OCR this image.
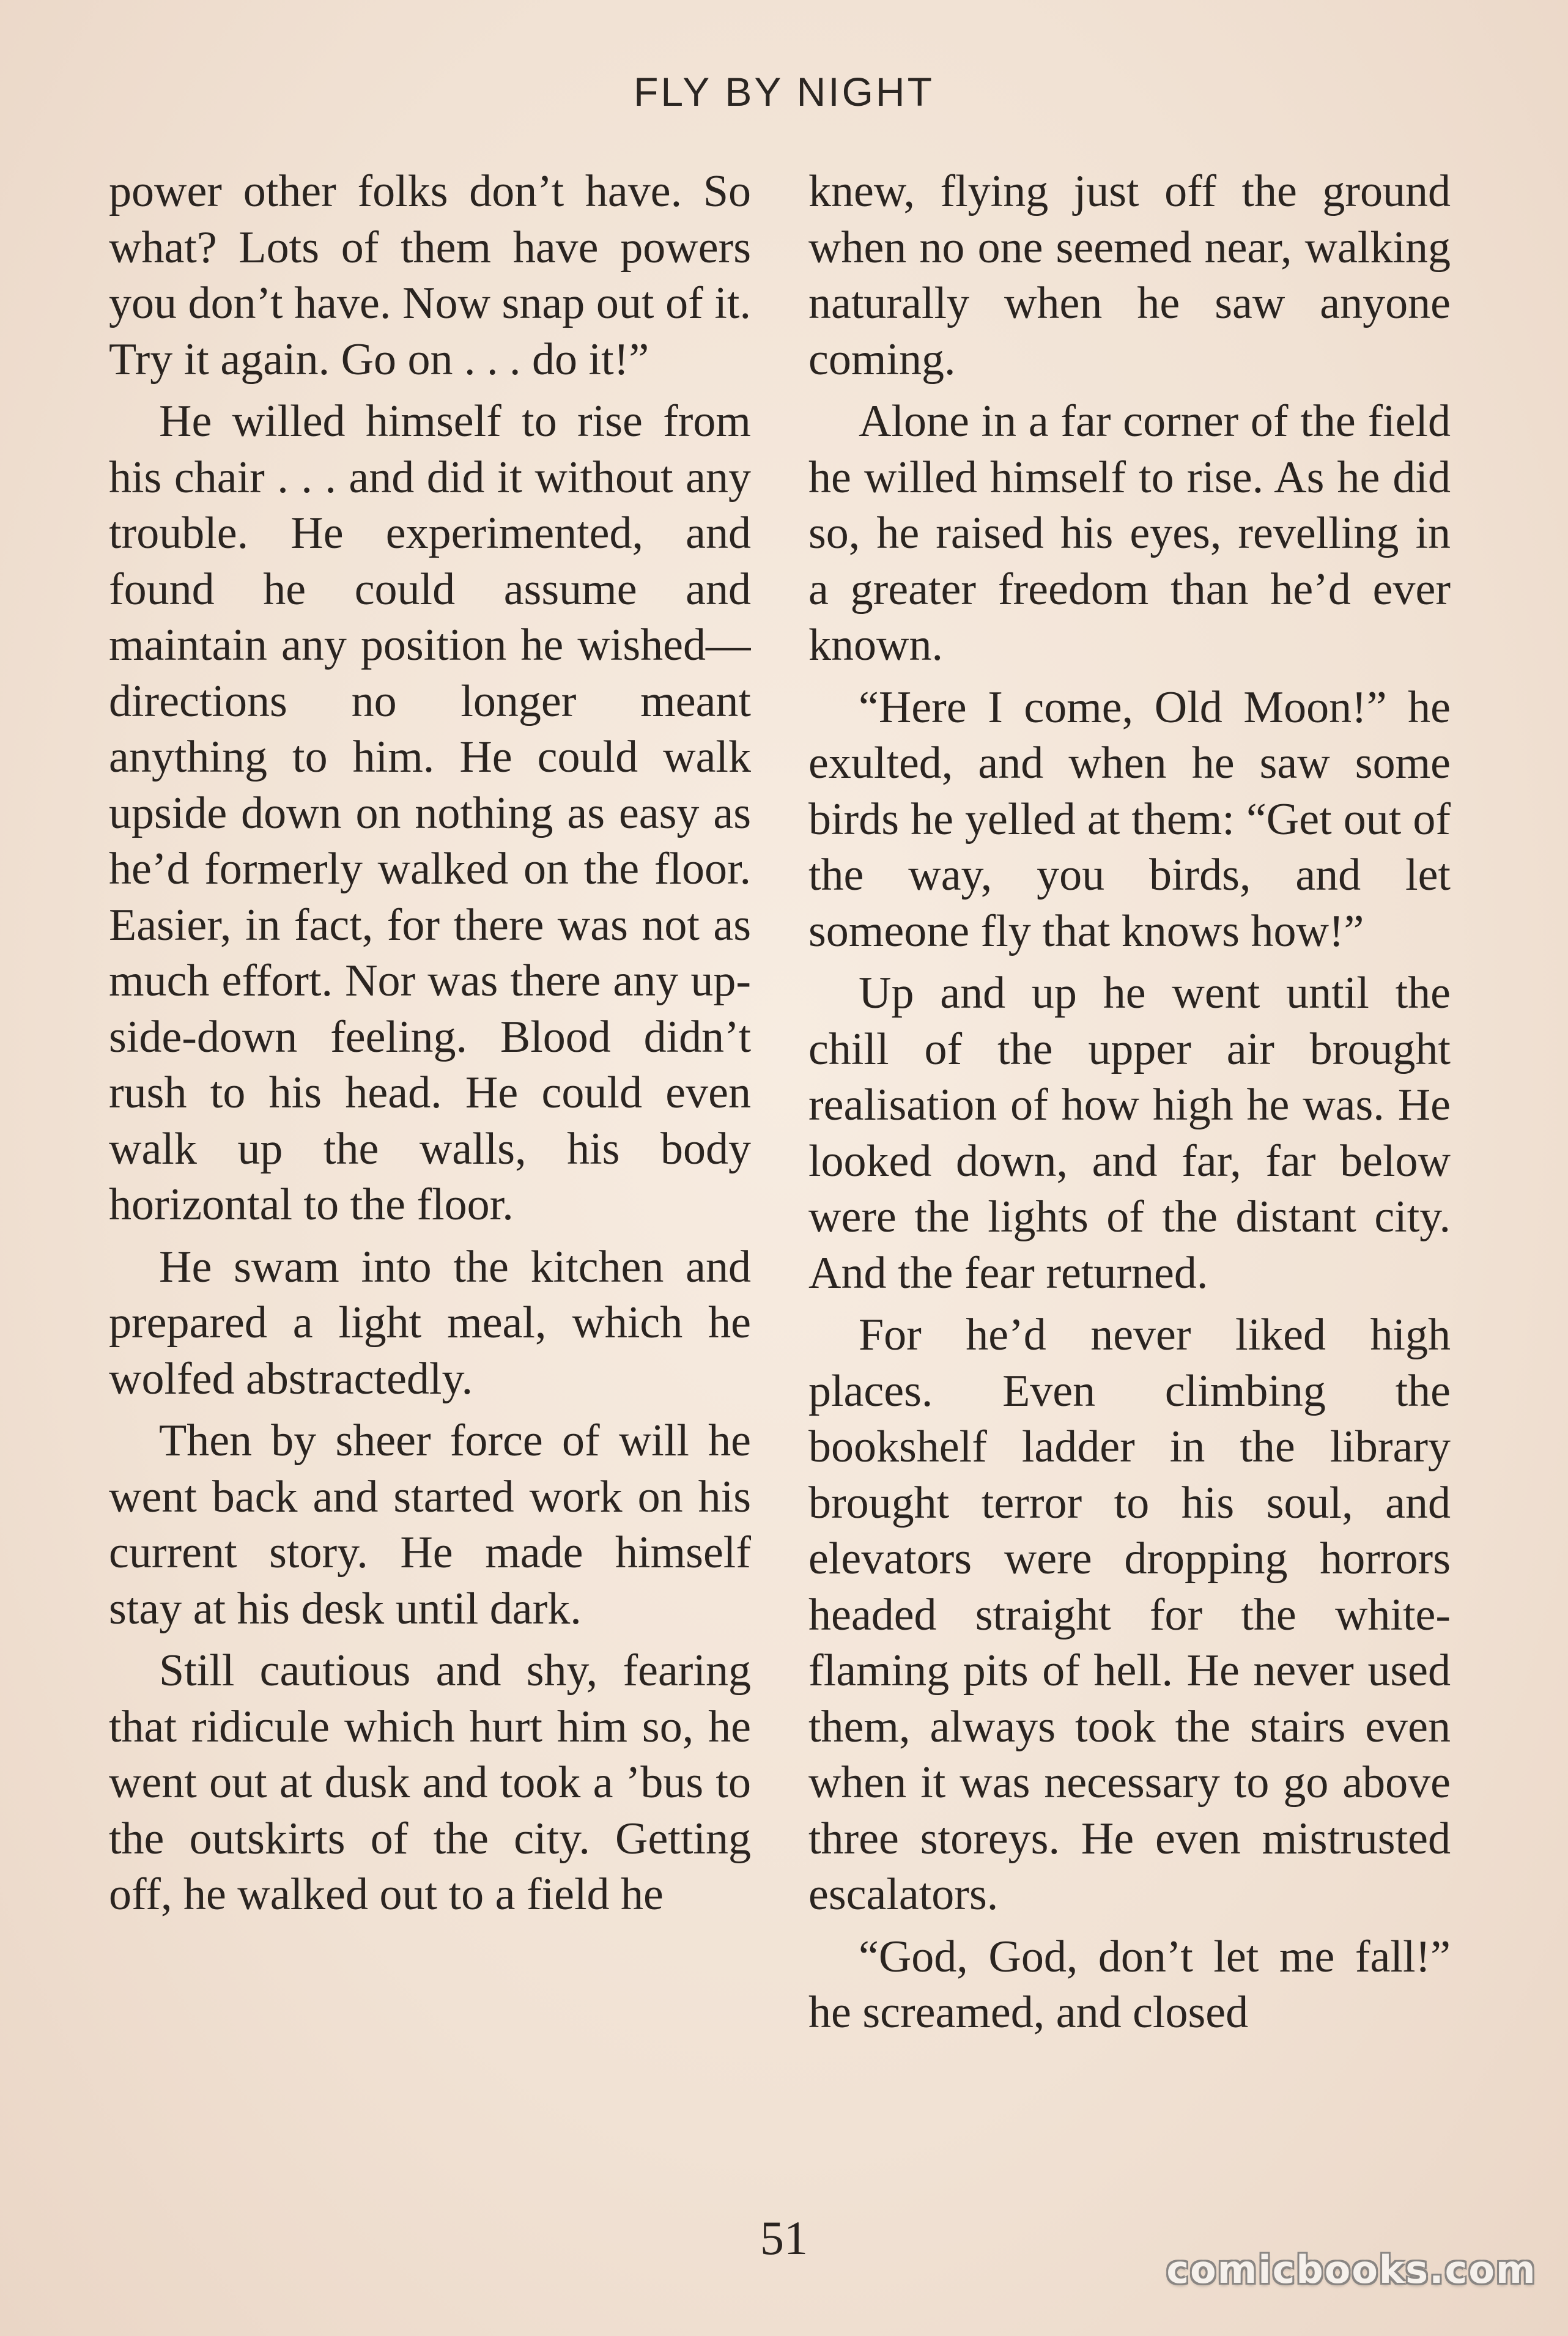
FLY BY NIGHT

power other folks don’t have. So what? Lots of them have powers you don’t have. Now snap out of it. Try it again. Go on . . . do it!”

He willed himself to rise from his chair . . . and did it without any trouble. He experimented, and found he could assume and maintain any position he wished—directions no longer meant anything to him. He could walk upside down on nothing as easy as he’d formerly walked on the floor. Easier, in fact, for there was not as much effort. Nor was there any up-side-down feeling. Blood didn’t rush to his head. He could even walk up the walls, his body horizontal to the floor.

He swam into the kitchen and prepared a light meal, which he wolfed abstractedly.

Then by sheer force of will he went back and started work on his current story. He made himself stay at his desk until dark.

Still cautious and shy, fearing that ridicule which hurt him so, he went out at dusk and took a ’bus to the outskirts of the city. Getting off, he walked out to a field he

knew, flying just off the ground when no one seemed near, walking naturally when he saw anyone coming.

Alone in a far corner of the field he willed himself to rise. As he did so, he raised his eyes, revelling in a greater freedom than he’d ever known.

“Here I come, Old Moon!” he exulted, and when he saw some birds he yelled at them: “Get out of the way, you birds, and let someone fly that knows how!”

Up and up he went until the chill of the upper air brought realisation of how high he was. He looked down, and far, far below were the lights of the distant city. And the fear returned.

For he’d never liked high places. Even climbing the bookshelf ladder in the library brought terror to his soul, and elevators were dropping horrors headed straight for the white-flaming pits of hell. He never used them, always took the stairs even when it was necessary to go above three storeys. He even mistrusted escalators.

“God, God, don’t let me fall!” he screamed, and closed

51
comicbooks.com
